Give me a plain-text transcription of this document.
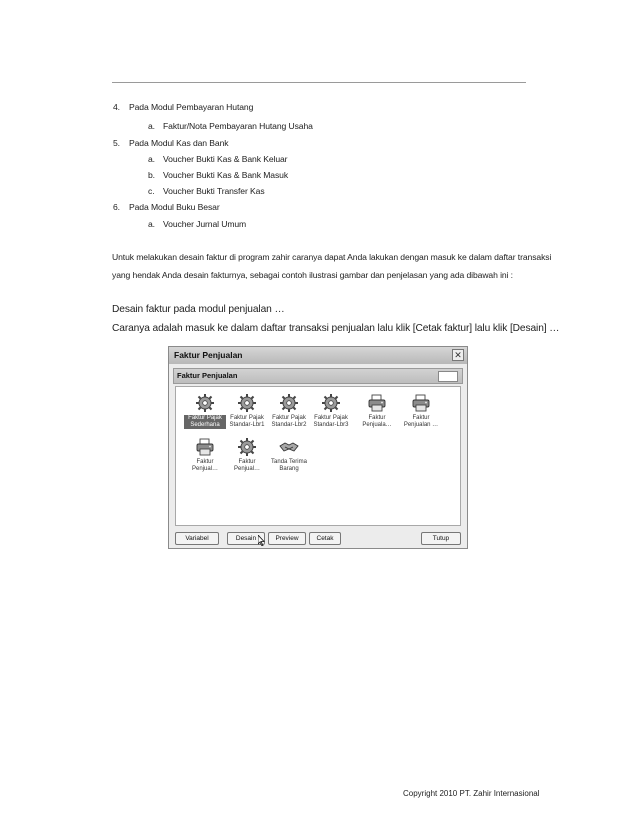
4. Pada Modul Pembayaran Hutang
a. Faktur/Nota Pembayaran Hutang Usaha
5. Pada Modul Kas dan Bank
a. Voucher Bukti Kas & Bank Keluar
b. Voucher Bukti Kas & Bank Masuk
c. Voucher Bukti Transfer Kas
6. Pada Modul Buku Besar
a. Voucher Jurnal Umum
Untuk melakukan desain faktur di program zahir caranya dapat Anda lakukan dengan masuk ke dalam daftar transaksi
yang hendak Anda desain fakturnya, sebagai contoh ilustrasi gambar dan penjelasan yang ada dibawah ini :
Desain faktur pada modul penjualan …
Caranya adalah masuk ke dalam daftar transaksi penjualan lalu klik [Cetak faktur] lalu klik [Desain] …
Faktur Penjualan	✕
Faktur Penjualan
Faktur Pajak
Sederhana
Faktur Pajak
Standar-Lbr1
Faktur Pajak
Standar-Lbr2
Faktur Pajak
Standar-Lbr3
Faktur
Penjuala…
Faktur
Penjualan …
Faktur
Penjual…
Faktur
Penjual…
Tanda Terima
Barang
Variabel	Desain	Preview	Cetak	Tutup
Copyright 2010 PT. Zahir Internasional
